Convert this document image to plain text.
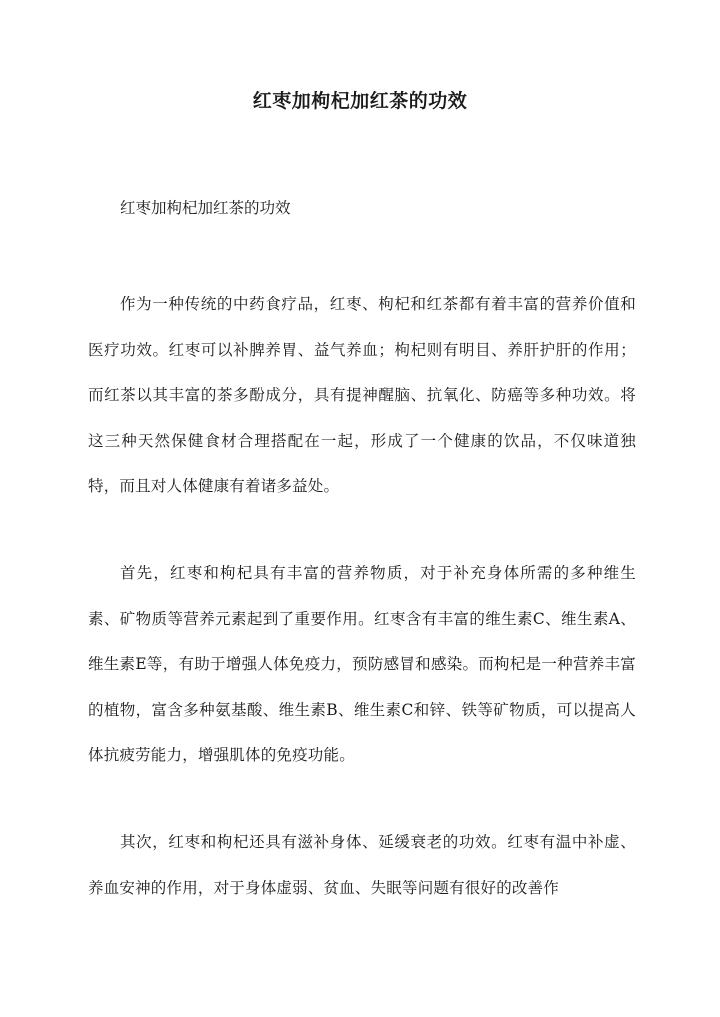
红枣加枸杞加红茶的功效

红枣加枸杞加红茶的功效

作为一种传统的中药食疗品，红枣、枸杞和红茶都有着丰富的营养价值和医疗功效。红枣可以补脾养胃、益气养血；枸杞则有明目、养肝护肝的作用；而红茶以其丰富的茶多酚成分，具有提神醒脑、抗氧化、防癌等多种功效。将这三种天然保健食材合理搭配在一起，形成了一个健康的饮品，不仅味道独特，而且对人体健康有着诸多益处。

首先，红枣和枸杞具有丰富的营养物质，对于补充身体所需的多种维生素、矿物质等营养元素起到了重要作用。红枣含有丰富的维生素C、维生素A、维生素E等，有助于增强人体免疫力，预防感冒和感染。而枸杞是一种营养丰富的植物，富含多种氨基酸、维生素B、维生素C和锌、铁等矿物质，可以提高人体抗疲劳能力，增强肌体的免疫功能。

其次，红枣和枸杞还具有滋补身体、延缓衰老的功效。红枣有温中补虚、养血安神的作用，对于身体虚弱、贫血、失眠等问题有很好的改善作
